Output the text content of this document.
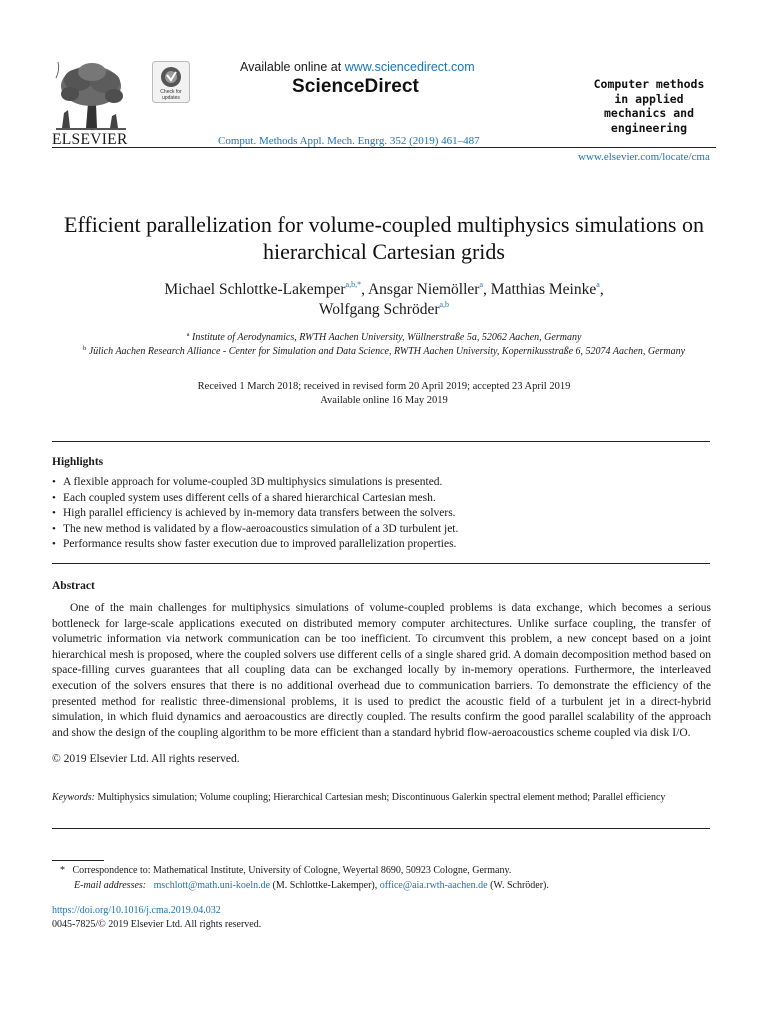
ELSEVIER
Check for
updates
Available online at www.sciencedirect.com
ScienceDirect
Comput. Methods Appl. Mech. Engrg. 352 (2019) 461–487
Computer methods
in applied
mechanics and
engineering
www.elsevier.com/locate/cma
Efficient parallelization for volume-coupled multiphysics simulations on hierarchical Cartesian grids
Michael Schlottke-Lakemper$^{a,b,*}$, Ansgar Niemöller$^a$, Matthias Meinke$^a$,
Wolfgang Schröder$^{a,b}$
$^a$ Institute of Aerodynamics, RWTH Aachen University, Wüllnerstraße 5a, 52062 Aachen, Germany
$^b$ Jülich Aachen Research Alliance - Center for Simulation and Data Science, RWTH Aachen University, Kopernikusstraße 6, 52074 Aachen, Germany
Received 1 March 2018; received in revised form 20 April 2019; accepted 23 April 2019
Available online 16 May 2019
Highlights
• A flexible approach for volume-coupled 3D multiphysics simulations is presented.
• Each coupled system uses different cells of a shared hierarchical Cartesian mesh.
• High parallel efficiency is achieved by in-memory data transfers between the solvers.
• The new method is validated by a flow-aeroacoustics simulation of a 3D turbulent jet.
• Performance results show faster execution due to improved parallelization properties.
Abstract

One of the main challenges for multiphysics simulations of volume-coupled problems is data exchange, which becomes a serious bottleneck for large-scale applications executed on distributed memory computer architectures. Unlike surface coupling, the transfer of volumetric information via network communication can be too inefficient. To circumvent this problem, a new concept based on a joint hierarchical mesh is proposed, where the coupled solvers use different cells of a single shared grid. A domain decomposition method based on space-filling curves guarantees that all coupling data can be exchanged locally by in-memory operations. Furthermore, the interleaved execution of the solvers ensures that there is no additional overhead due to communication barriers. To demonstrate the efficiency of the presented method for realistic three-dimensional problems, it is used to predict the acoustic field of a turbulent jet in a direct-hybrid simulation, in which fluid dynamics and aeroacoustics are directly coupled. The results confirm the good parallel scalability of the approach and show the design of the coupling algorithm to be more efficient than a standard hybrid flow-aeroacoustics scheme coupled via disk I/O.

© 2019 Elsevier Ltd. All rights reserved.
Keywords: Multiphysics simulation; Volume coupling; Hierarchical Cartesian mesh; Discontinuous Galerkin spectral element method; Parallel efficiency
* Correspondence to: Mathematical Institute, University of Cologne, Weyertal 8690, 50923 Cologne, Germany.
E-mail addresses: mschlott@math.uni-koeln.de (M. Schlottke-Lakemper), office@aia.rwth-aachen.de (W. Schröder).
https://doi.org/10.1016/j.cma.2019.04.032
0045-7825/© 2019 Elsevier Ltd. All rights reserved.
